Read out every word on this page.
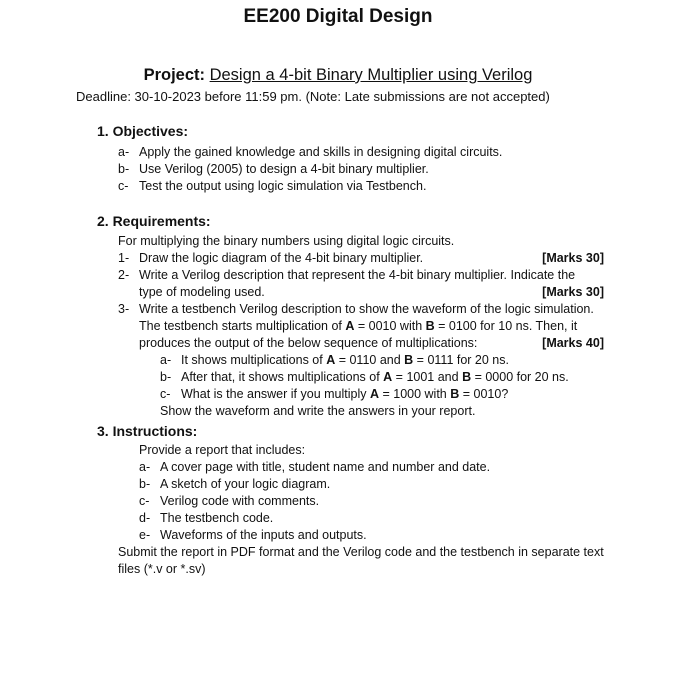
EE200 Digital Design
Project: Design a 4-bit Binary Multiplier using Verilog
Deadline: 30-10-2023 before 11:59 pm. (Note: Late submissions are not accepted)
1. Objectives:
a- Apply the gained knowledge and skills in designing digital circuits.
b- Use Verilog (2005) to design a 4-bit binary multiplier.
c- Test the output using logic simulation via Testbench.
2. Requirements:
For multiplying the binary numbers using digital logic circuits.
1- Draw the logic diagram of the 4-bit binary multiplier.	[Marks 30]
2- Write a Verilog description that represent the 4-bit binary multiplier. Indicate the
type of modeling used.	[Marks 30]
3- Write a testbench Verilog description to show the waveform of the logic simulation.
The testbench starts multiplication of A = 0010 with B = 0100 for 10 ns. Then, it
produces the output of the below sequence of multiplications:	[Marks 40]
a- It shows multiplications of A = 0110 and B = 0111 for 20 ns.
b- After that, it shows multiplications of A = 1001 and B = 0000 for 20 ns.
c- What is the answer if you multiply A = 1000 with B = 0010?
Show the waveform and write the answers in your report.
3. Instructions:
Provide a report that includes:
a- A cover page with title, student name and number and date.
b- A sketch of your logic diagram.
c- Verilog code with comments.
d- The testbench code.
e- Waveforms of the inputs and outputs.
Submit the report in PDF format and the Verilog code and the testbench in separate text
files (*.v or *.sv)
